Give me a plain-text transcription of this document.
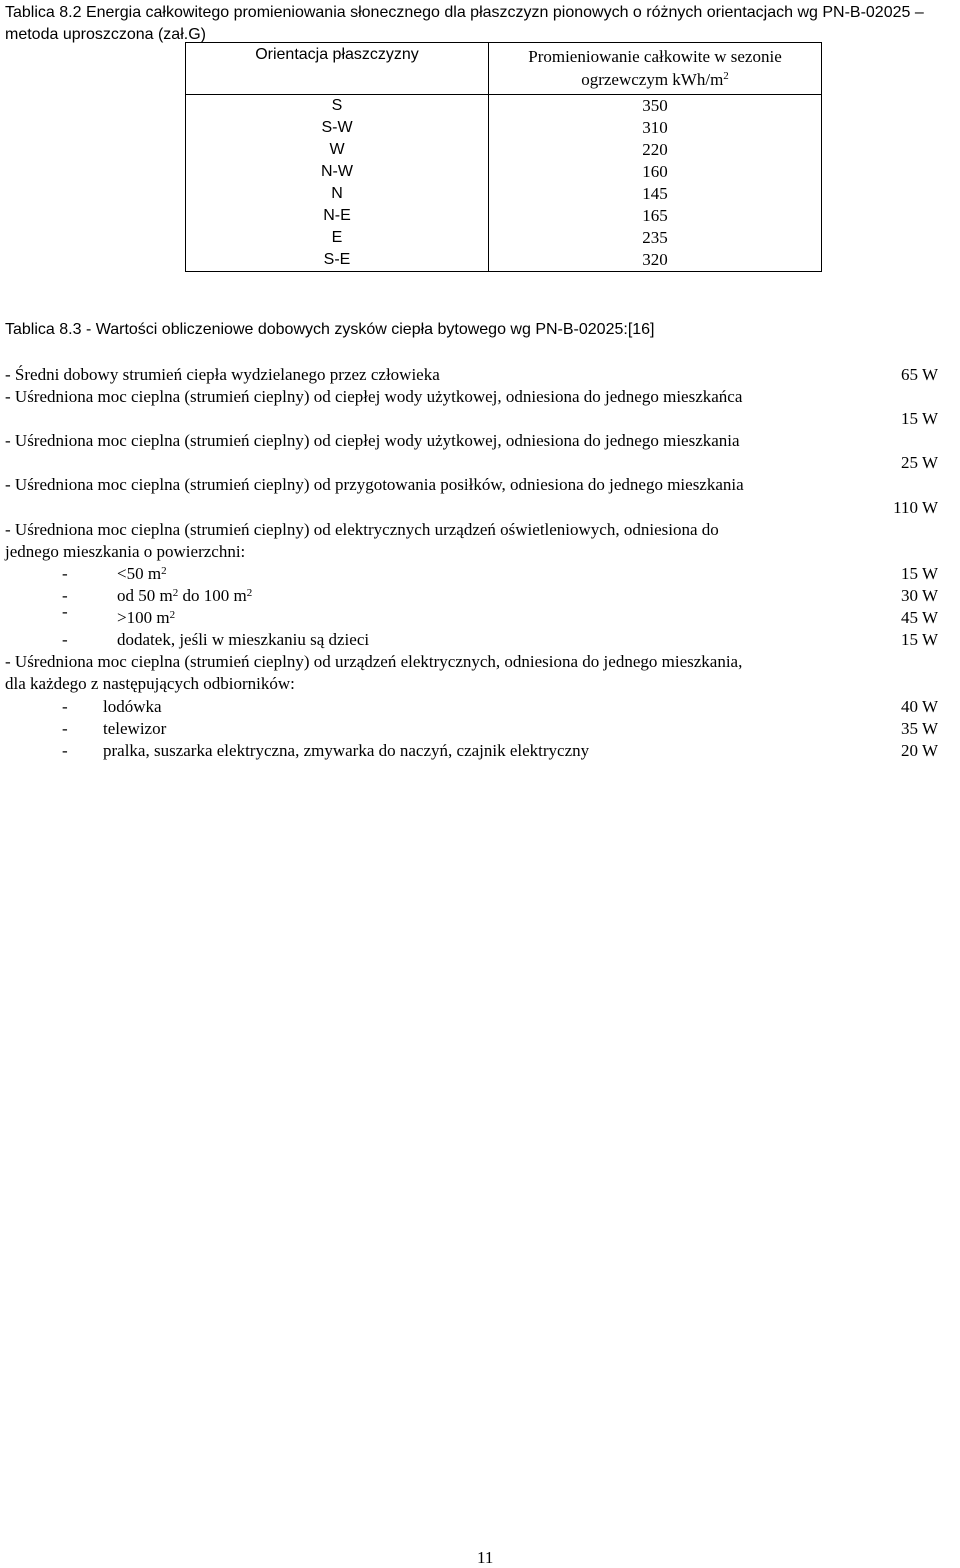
Tablica 8.2 Energia całkowitego promieniowania słonecznego dla płaszczyzn pionowych o różnych orientacjach wg PN-B-02025 – metoda uproszczona (zał.G)
Orientacja płaszczyzny	Promieniowanie całkowite w sezonie
ogrzewczym kWh/$m^2$
S	350
S-W	310
W	220
N-W	160
N	145
N-E	165
E	235
S-E	320
Tablica 8.3 - Wartości obliczeniowe dobowych zysków ciepła bytowego wg PN-B-02025:[16]
- Średni dobowy strumień ciepła wydzielanego przez człowieka	65 W
- Uśredniona moc cieplna (strumień cieplny) od ciepłej wody użytkowej, odniesiona do jednego mieszkańca
15 W
- Uśredniona moc cieplna (strumień cieplny) od ciepłej wody użytkowej, odniesiona do jednego mieszkania
25 W
- Uśredniona moc cieplna (strumień cieplny) od przygotowania posiłków, odniesiona do jednego mieszkania
110 W
- Uśredniona moc cieplna (strumień cieplny) od elektrycznych urządzeń oświetleniowych, odniesiona do
jednego mieszkania o powierzchni:
-	<50 $m^2$	15 W
-	od 50 $m^2$ do 100 $m^2$	30 W
-	>100 $m^2$	45 W
-	dodatek, jeśli w mieszkaniu są dzieci	15 W
- Uśredniona moc cieplna (strumień cieplny) od urządzeń elektrycznych, odniesiona do jednego mieszkania,
dla każdego z następujących odbiorników:
- lodówka	40 W
- telewizor	35 W
- pralka, suszarka elektryczna, zmywarka do naczyń, czajnik elektryczny	20 W
11
